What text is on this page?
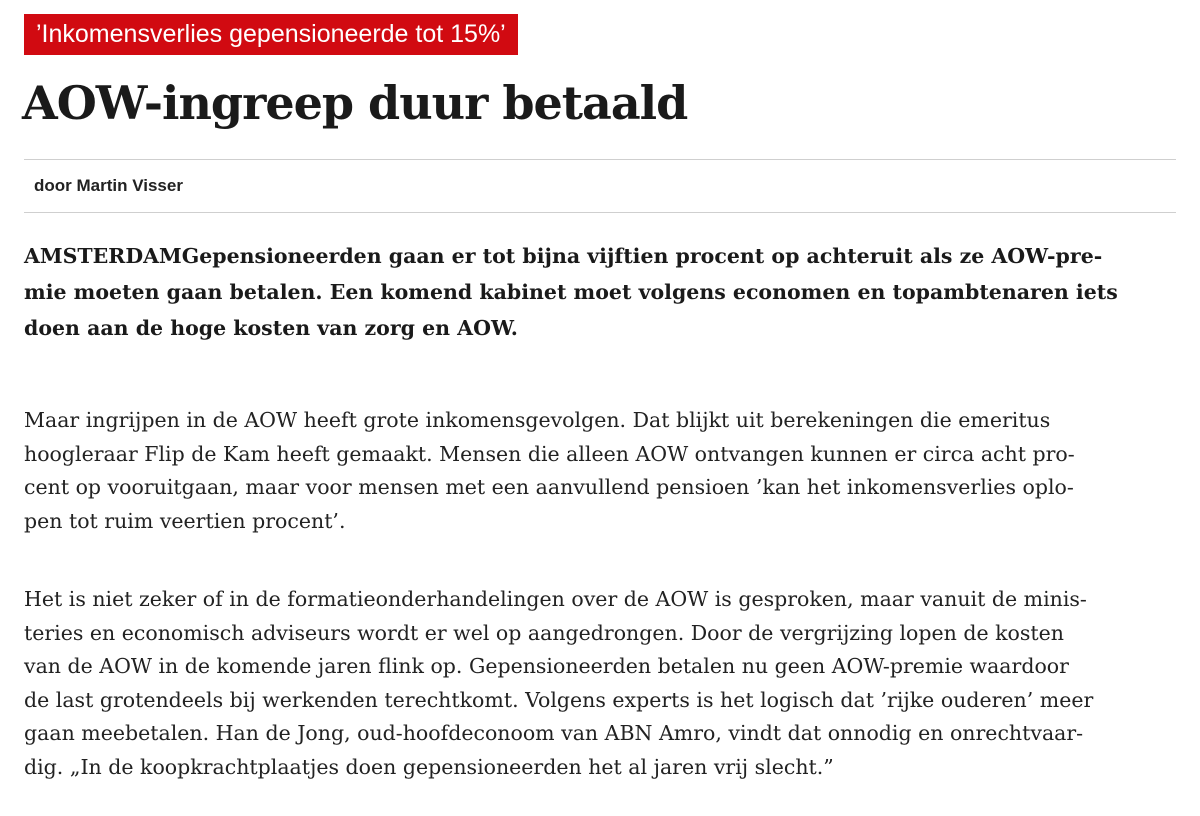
’Inkomensverlies gepensioneerde tot 15%’
AOW-ingreep duur betaald
door Martin Visser
AMSTERDAMGepensioneerden gaan er tot bijna vijftien procent op achteruit als ze AOW-pre-
mie moeten gaan betalen. Een komend kabinet moet volgens economen en topambtenaren iets
doen aan de hoge kosten van zorg en AOW.
Maar ingrijpen in de AOW heeft grote inkomensgevolgen. Dat blijkt uit berekeningen die emeritus
hoogleraar Flip de Kam heeft gemaakt. Mensen die alleen AOW ontvangen kunnen er circa acht pro-
cent op vooruitgaan, maar voor mensen met een aanvullend pensioen ’kan het inkomensverlies oplo-
pen tot ruim veertien procent’.
Het is niet zeker of in de formatieonderhandelingen over de AOW is gesproken, maar vanuit de minis-
teries en economisch adviseurs wordt er wel op aangedrongen. Door de vergrijzing lopen de kosten
van de AOW in de komende jaren flink op. Gepensioneerden betalen nu geen AOW-premie waardoor
de last grotendeels bij werkenden terechtkomt. Volgens experts is het logisch dat ’rijke ouderen’ meer
gaan meebetalen. Han de Jong, oud-hoofdeconoom van ABN Amro, vindt dat onnodig en onrechtvaar-
dig. „In de koopkrachtplaatjes doen gepensioneerden het al jaren vrij slecht.”
